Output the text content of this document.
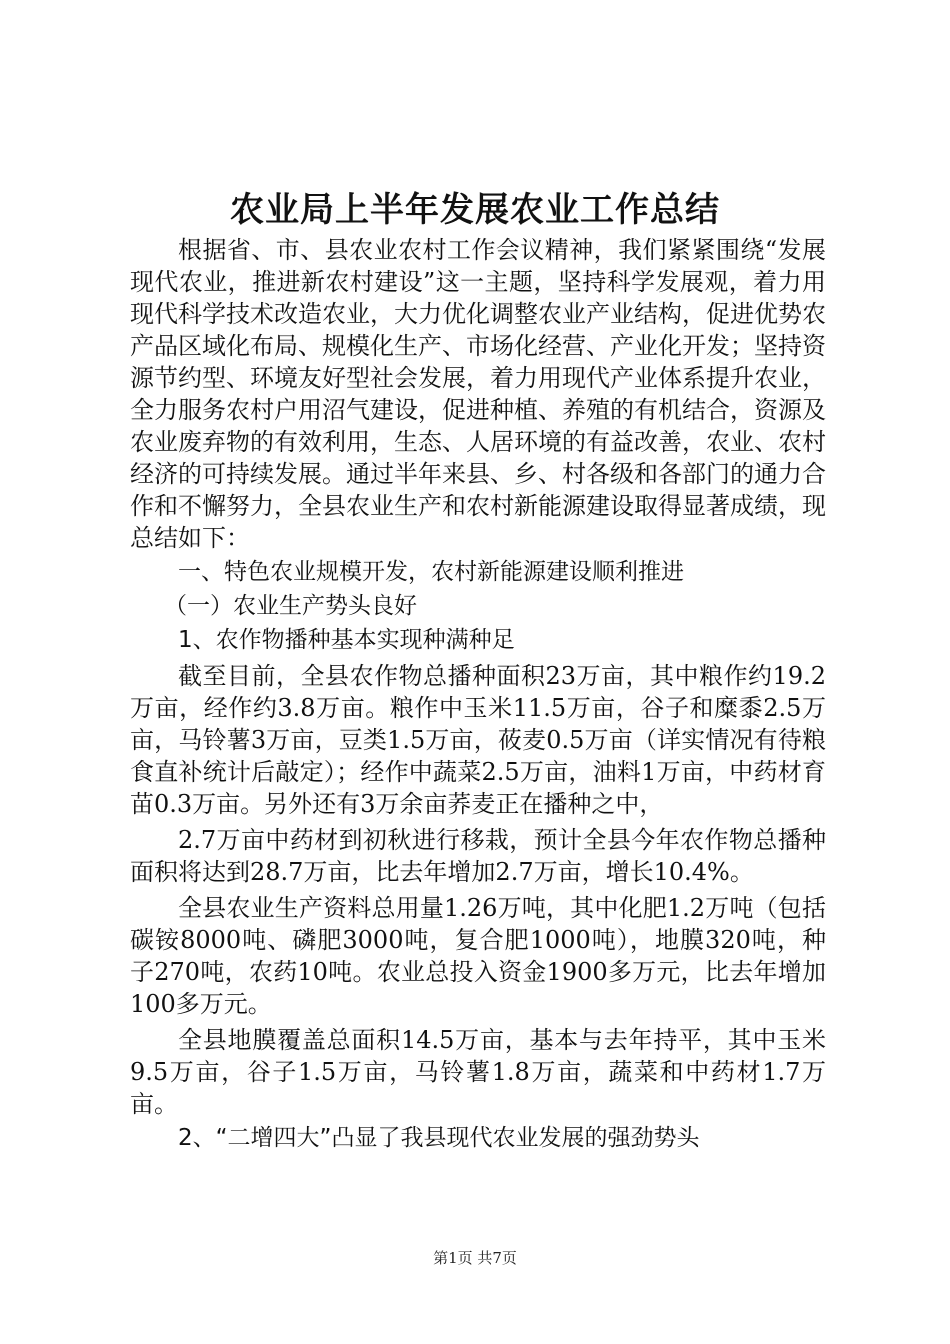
农业局上半年发展农业工作总结

根据省、市、县农业农村工作会议精神，我们紧紧围绕“发展现代农业，推进新农村建设”这一主题，坚持科学发展观，着力用现代科学技术改造农业，大力优化调整农业产业结构，促进优势农产品区域化布局、规模化生产、市场化经营、产业化开发；坚持资源节约型、环境友好型社会发展，着力用现代产业体系提升农业，全力服务农村户用沼气建设，促进种植、养殖的有机结合，资源及农业废弃物的有效利用，生态、人居环境的有益改善，农业、农村经济的可持续发展。通过半年来县、乡、村各级和各部门的通力合作和不懈努力，全县农业生产和农村新能源建设取得显著成绩，现总结如下：

一、特色农业规模开发，农村新能源建设顺利推进
（一）农业生产势头良好
1、农作物播种基本实现种满种足

截至目前，全县农作物总播种面积23万亩，其中粮作约19.2万亩，经作约3.8万亩。粮作中玉米11.5万亩，谷子和糜黍2.5万亩，马铃薯3万亩，豆类1.5万亩，莜麦0.5万亩（详实情况有待粮食直补统计后敲定）；经作中蔬菜2.5万亩，油料1万亩，中药材育苗0.3万亩。另外还有3万余亩荞麦正在播种之中，

2.7万亩中药材到初秋进行移栽，预计全县今年农作物总播种面积将达到28.7万亩，比去年增加2.7万亩，增长10.4%。

全县农业生产资料总用量1.26万吨，其中化肥1.2万吨（包括碳铵8000吨、磷肥3000吨，复合肥1000吨），地膜320吨，种子270吨，农药10吨。农业总投入资金1900多万元，比去年增加100多万元。

全县地膜覆盖总面积14.5万亩，基本与去年持平，其中玉米9.5万亩，谷子1.5万亩，马铃薯1.8万亩，蔬菜和中药材1.7万亩。

2、“二增四大”凸显了我县现代农业发展的强劲势头
第1页 共7页
